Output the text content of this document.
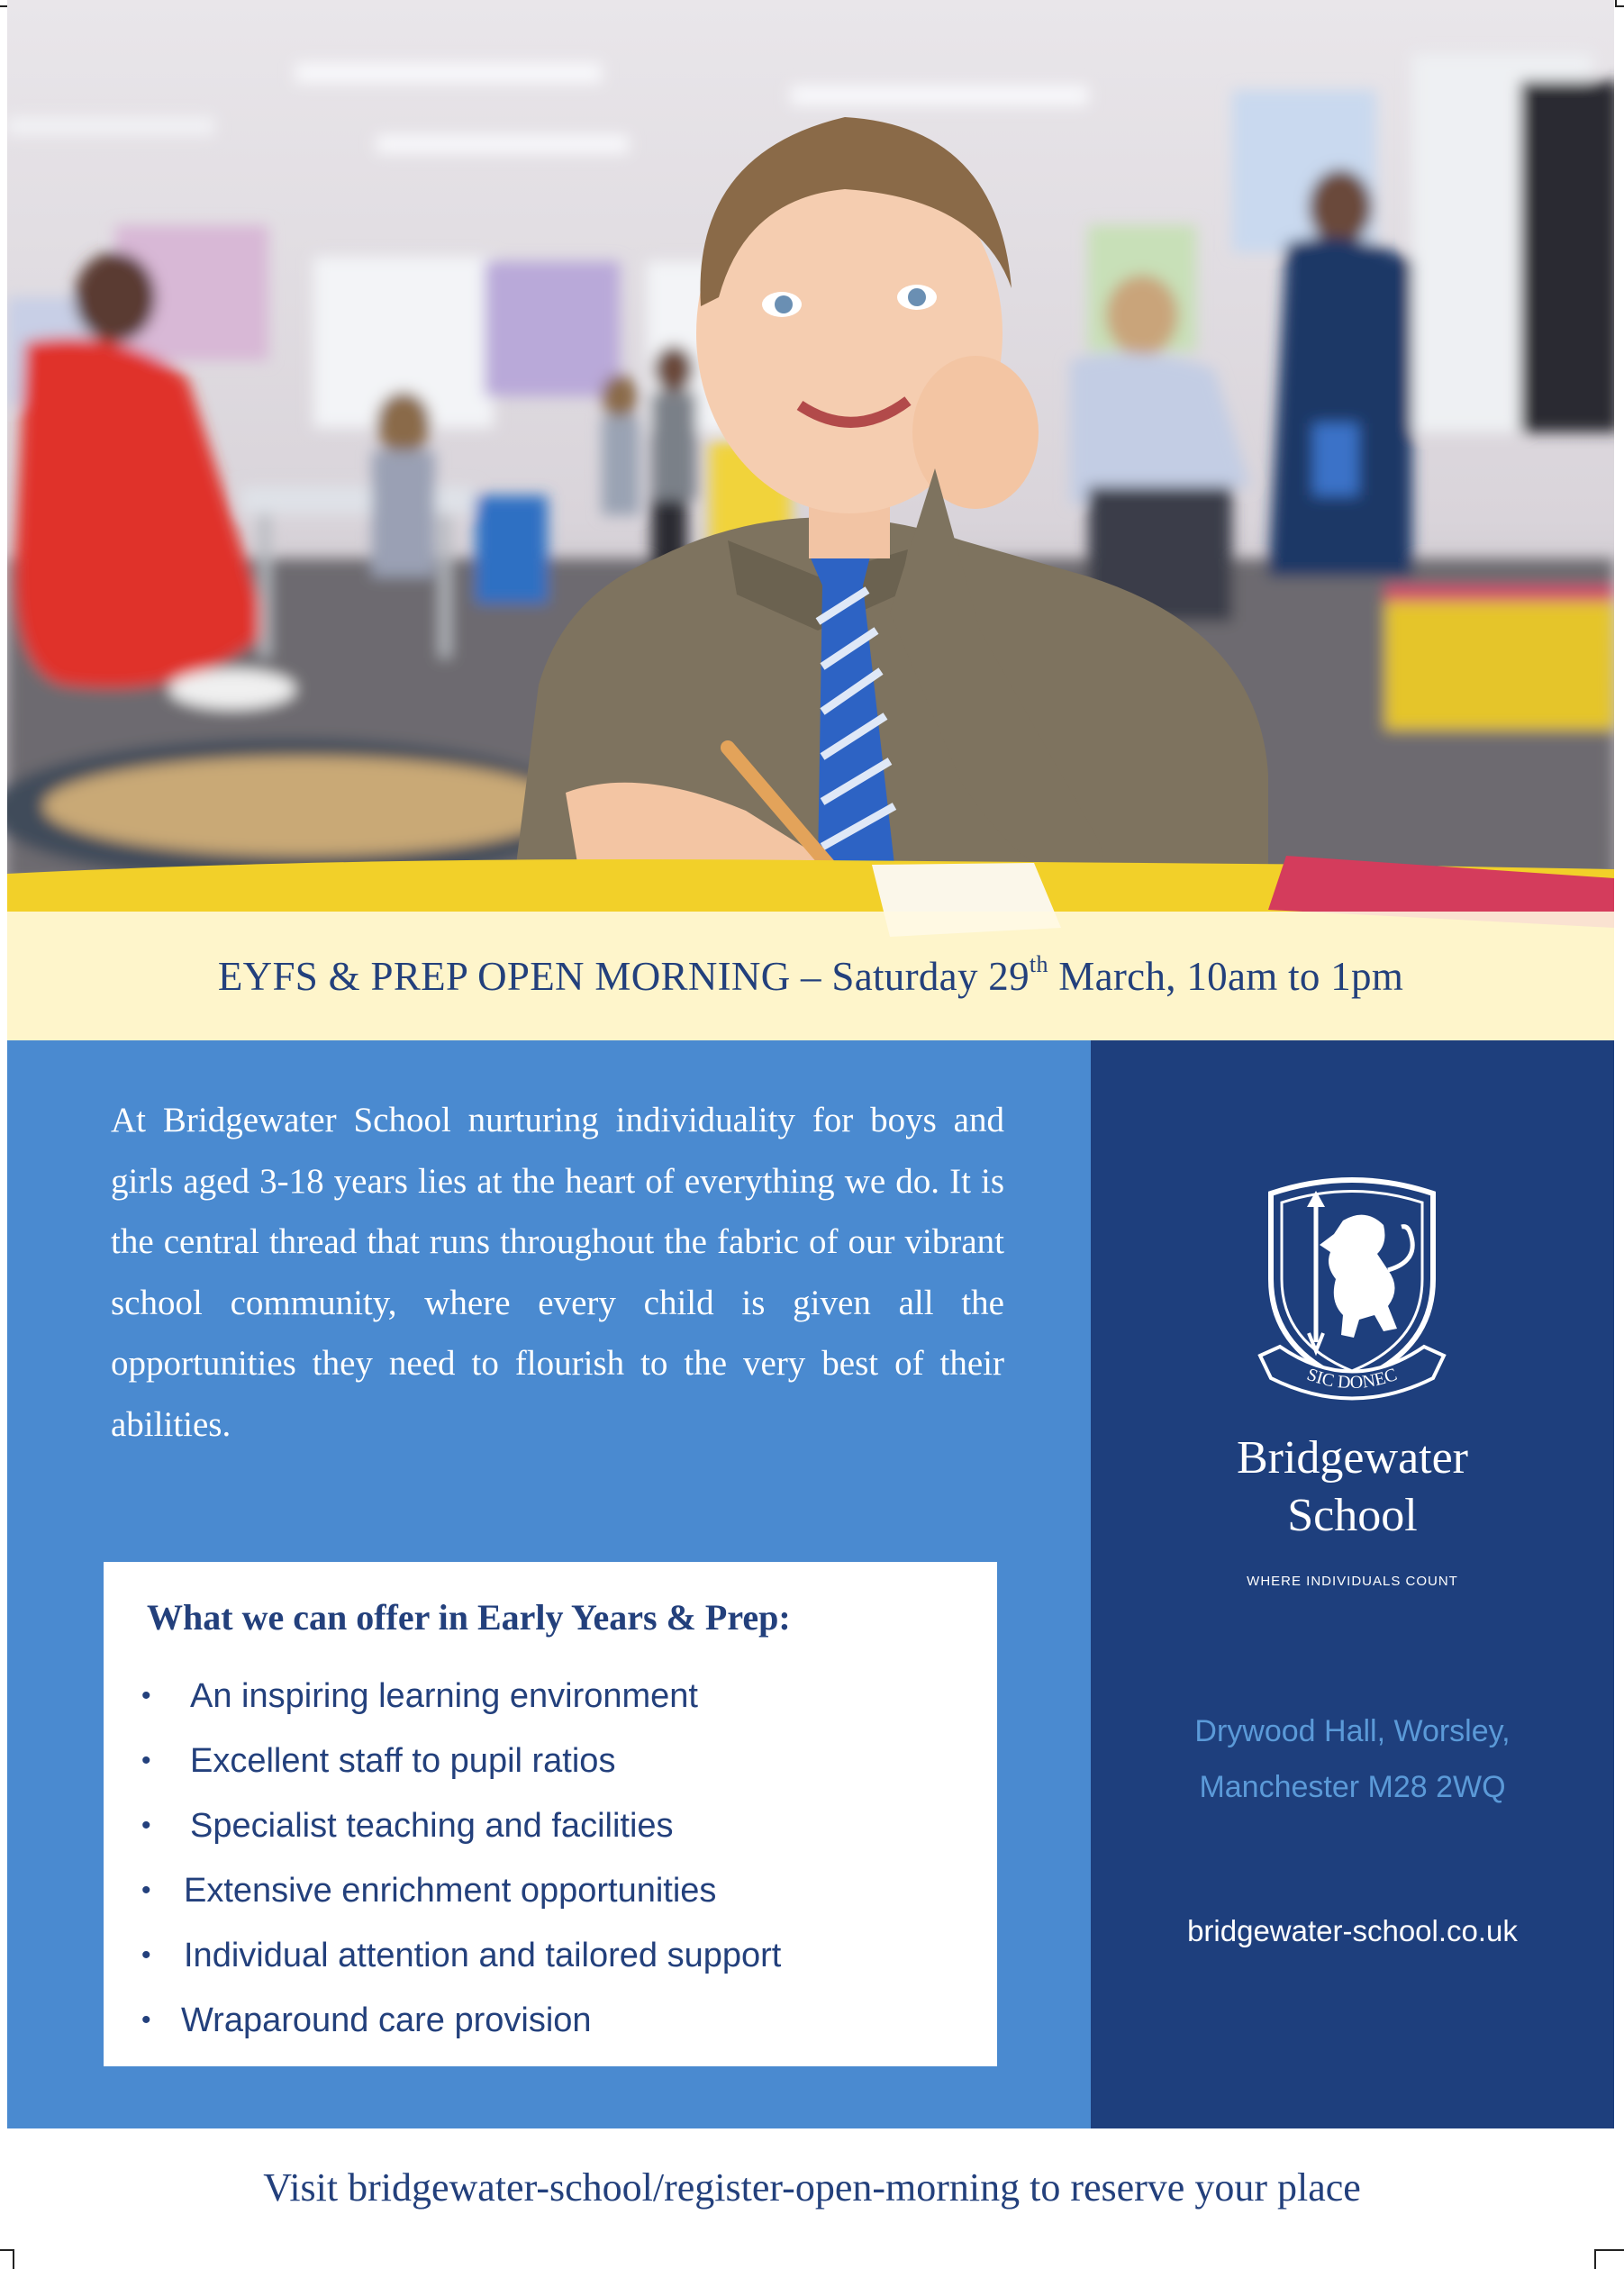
EYFS & PREP OPEN MORNING – Saturday 29th March, 10am to 1pm
At Bridgewater School nurturing individuality for boys and girls aged 3-18 years lies at the heart of everything we do. It is the central thread that runs throughout the fabric of our vibrant school community, where every child is given all the opportunities they need to flourish to the very best of their abilities.
What we can offer in Early Years & Prep:
• An inspiring learning environment
• Excellent staff to pupil ratios
• Specialist teaching and facilities
• Extensive enrichment opportunities
• Individual attention and tailored support
• Wraparound care provision
SIC DONEC
Bridgewater
School
WHERE INDIVIDUALS COUNT
Drywood Hall, Worsley,
Manchester M28 2WQ
bridgewater-school.co.uk
Visit bridgewater-school/register-open-morning to reserve your place
